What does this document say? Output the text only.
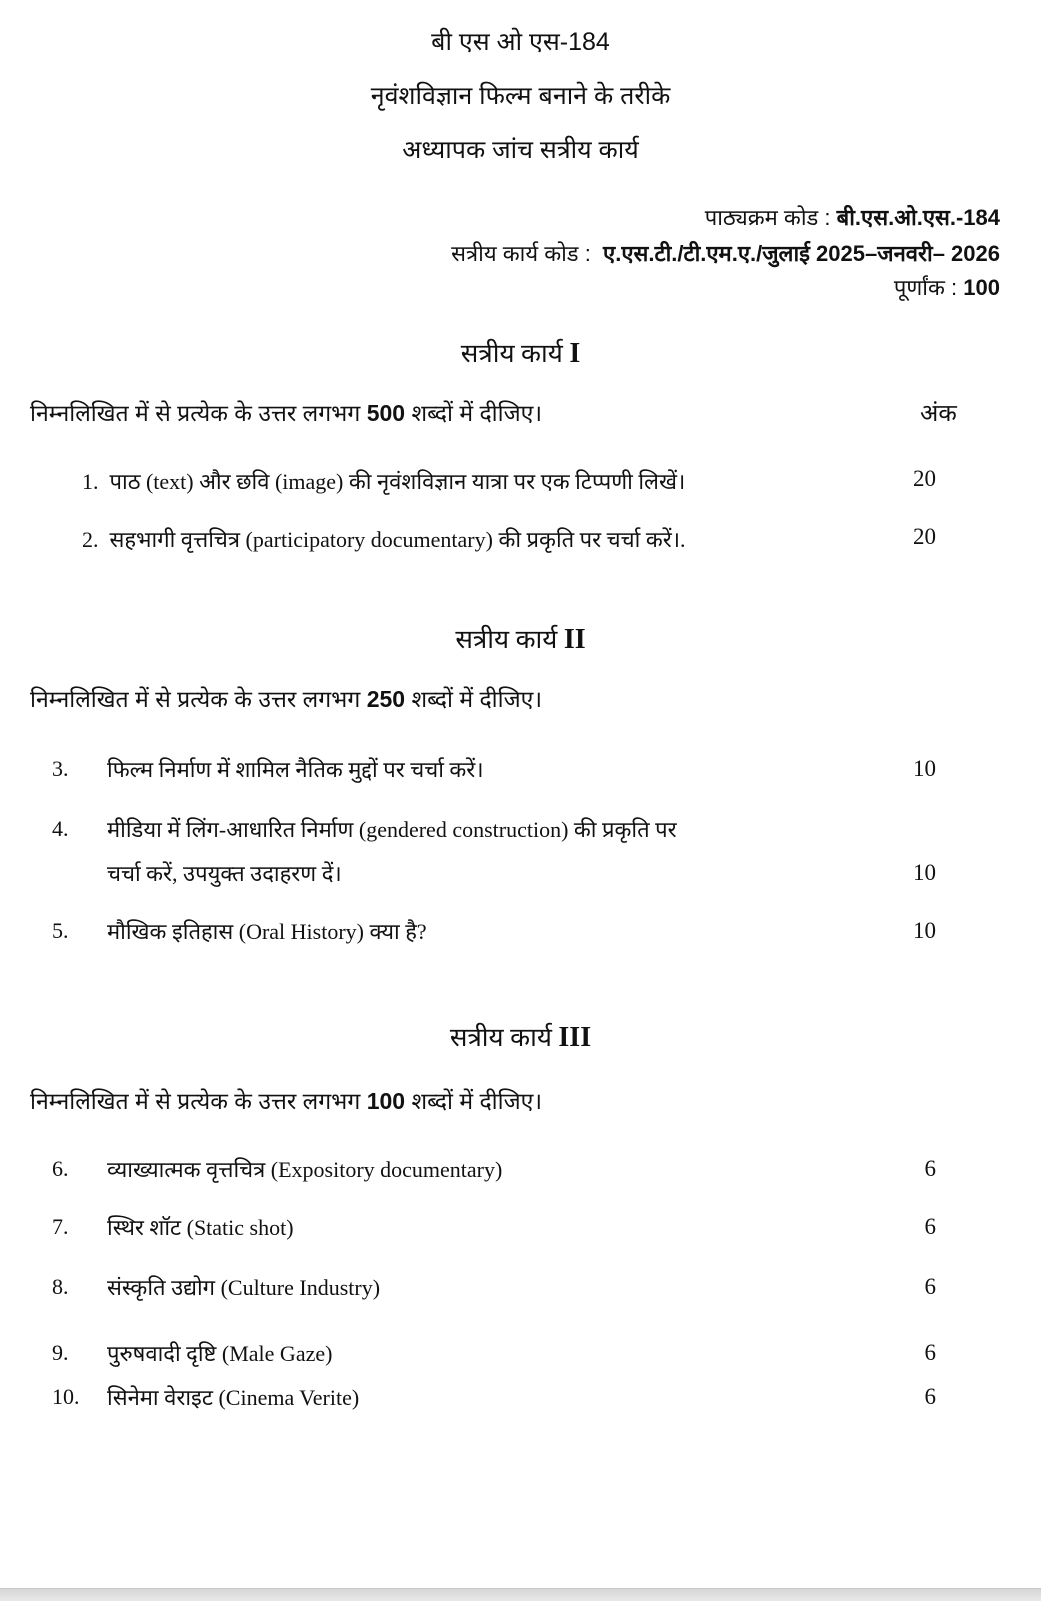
बी एस ओ एस-184
नृवंशविज्ञान फिल्म बनाने के तरीके
अध्यापक जांच सत्रीय कार्य
पाठ्यक्रम कोड : बी.एस.ओ.एस.-184
सत्रीय कार्य कोड : ए.एस.टी./टी.एम.ए./जुलाई 2025–जनवरी– 2026
पूर्णांक : 100
सत्रीय कार्य I
निम्नलिखित में से प्रत्येक के उत्तर लगभग 500 शब्दों में दीजिए।	अंक
1. पाठ (text) और छवि (image) की नृवंशविज्ञान यात्रा पर एक टिप्पणी लिखें।	20
2. सहभागी वृत्तचित्र (participatory documentary) की प्रकृति पर चर्चा करें।.	20
सत्रीय कार्य II
निम्नलिखित में से प्रत्येक के उत्तर लगभग 250 शब्दों में दीजिए।
3. फिल्म निर्माण में शामिल नैतिक मुद्दों पर चर्चा करें।	10
4. मीडिया में लिंग-आधारित निर्माण (gendered construction) की प्रकृति पर
चर्चा करें, उपयुक्त उदाहरण दें।	10
5. मौखिक इतिहास (Oral History) क्या है?	10
सत्रीय कार्य III
निम्नलिखित में से प्रत्येक के उत्तर लगभग 100 शब्दों में दीजिए।
6. व्याख्यात्मक वृत्तचित्र (Expository documentary)	6
7. स्थिर शॉट (Static shot)	6
8. संस्कृति उद्योग (Culture Industry)	6
9. पुरुषवादी दृष्टि (Male Gaze)	6
10. सिनेमा वेराइट (Cinema Verite)	6
